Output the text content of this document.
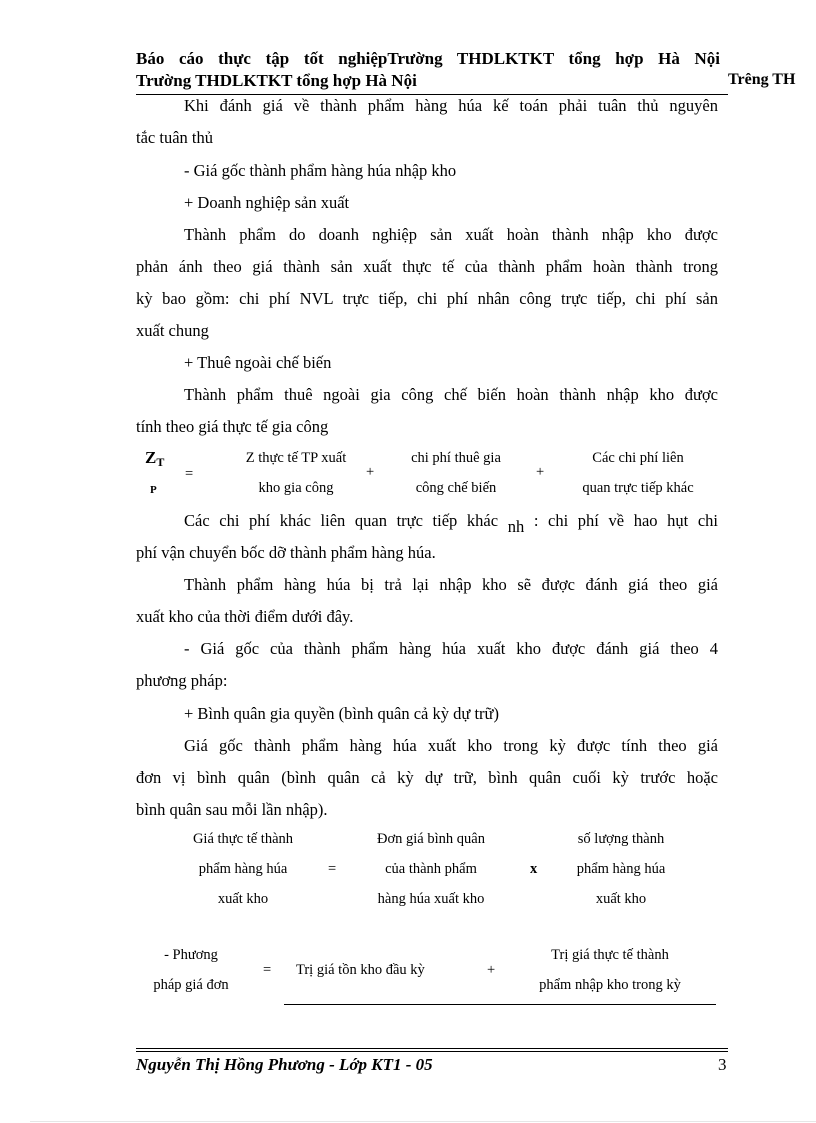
Báo cáo thực tập tốt nghiệpTrường THDLKTKT tổng hợp Hà Nội
Trường THDLKTKT tổng hợp Hà Nội	Trêng TH
Khi đánh giá về thành phẩm hàng húa kế toán phải tuân thủ nguyên
tắc tuân thủ
- Giá gốc thành phẩm hàng húa nhập kho
+ Doanh nghiệp sản xuất
Thành phẩm do doanh nghiệp sản xuất hoàn thành nhập kho được
phản ánh theo giá thành sản xuất thực tế của thành phẩm hoàn thành trong
kỳ bao gồm: chi phí NVL trực tiếp, chi phí nhân công trực tiếp, chi phí sản
xuất chung
+ Thuê ngoài chế biến
Thành phẩm thuê ngoài gia công chế biến hoàn thành nhập kho được
tính theo giá thực tế gia công
ZT
P
=
Z thực tế TP xuất
kho gia công
+
chi phí thuê gia
công chế biến
+
Các chi phí liên
quan trực tiếp khác
Các chi phí khác liên quan trực tiếp khác nh : chi phí về hao hụt chi
phí vận chuyển bốc dỡ thành phẩm hàng húa.
Thành phẩm hàng húa bị trả lại nhập kho sẽ được đánh giá theo giá
xuất kho của thời điểm dưới đây.
- Giá gốc của thành phẩm hàng húa xuất kho được đánh giá theo 4
phương pháp:
+ Bình quân gia quyền (bình quân cả kỳ dự trữ)
Giá gốc thành phẩm hàng húa xuất kho trong kỳ được tính theo giá
đơn vị bình quân (bình quân cả kỳ dự trữ, bình quân cuối kỳ trước hoặc
bình quân sau mỗi lần nhập).
Giá thực tế thành
phẩm hàng húa
xuất kho
=
Đơn giá bình quân
của thành phẩm
hàng húa xuất kho
x
số lượng thành
phẩm hàng húa
xuất kho
- Phương
pháp giá đơn
= Trị giá tồn kho đầu kỳ	+
Trị giá thực tế thành
phẩm nhập kho trong kỳ
Nguyễn Thị Hồng Phương - Lớp KT1 - 05	3
